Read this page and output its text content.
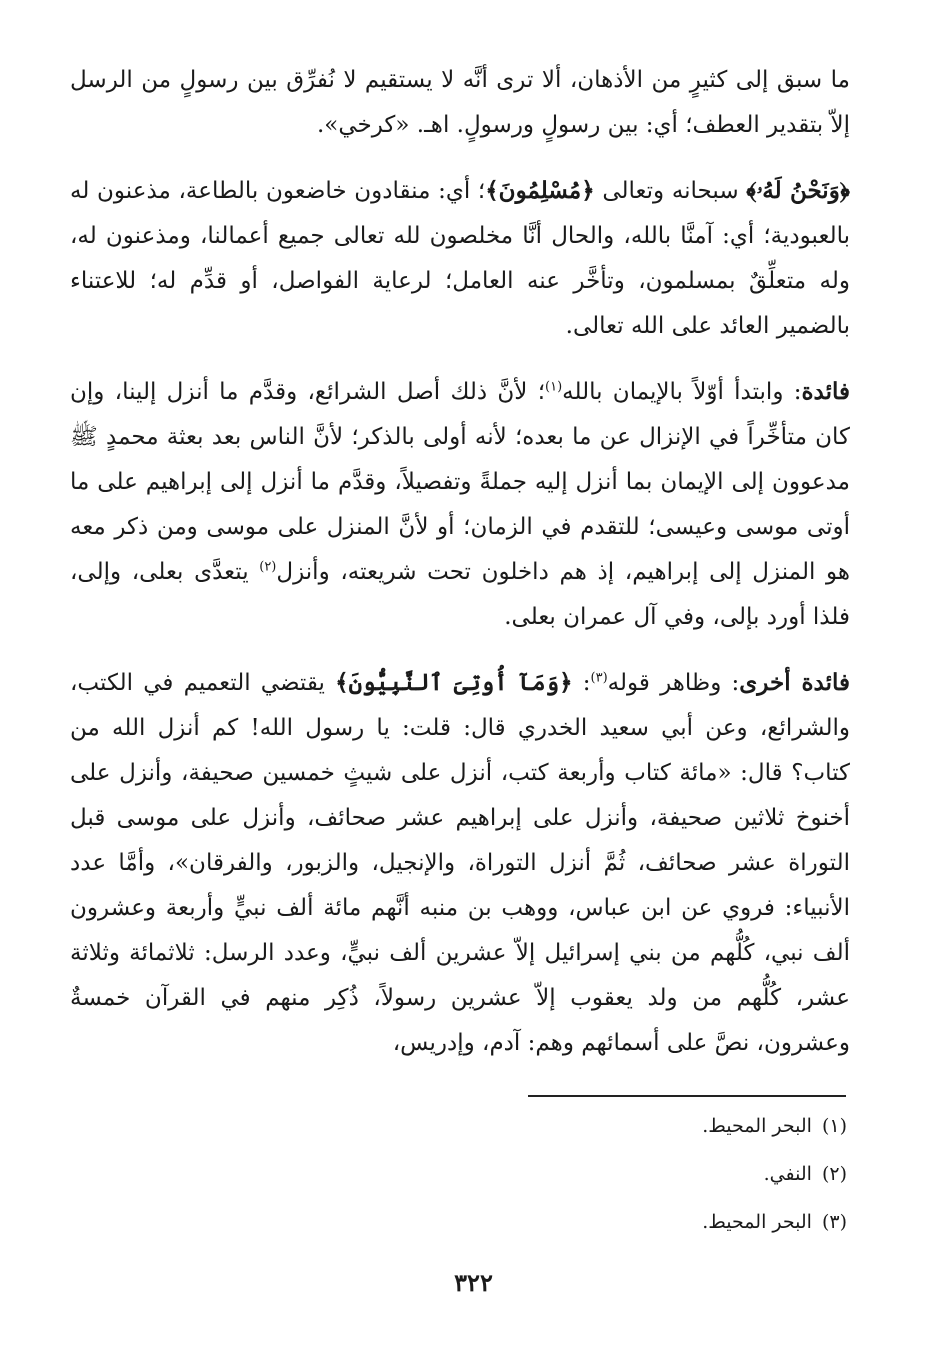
ما سبق إلى كثيرٍ من الأذهان، ألا ترى أنَّه لا يستقيم لا نُفرِّق بين رسولٍ من الرسل إلاّ بتقدير العطف؛ أي: بين رسولٍ ورسولٍ. اهـ. «كرخي».

﴿وَنَحْنُ لَهُۥ﴾ سبحانه وتعالى ﴿مُسْلِمُونَ﴾؛ أي: منقادون خاضعون بالطاعة، مذعنون له بالعبودية؛ أي: آمنَّا بالله، والحال أنَّا مخلصون لله تعالى جميع أعمالنا، ومذعنون له، وله متعلِّقٌ بمسلمون، وتأخَّر عنه العامل؛ لرعاية الفواصل، أو قدِّم له؛ للاعتناء بالضمير العائد على الله تعالى.

فائدة: وابتدأ أوّلاً بالإيمان بالله$^{(١)}$؛ لأنَّ ذلك أصل الشرائع، وقدَّم ما أنزل إلينا، وإن كان متأخِّراً في الإنزال عن ما بعده؛ لأنه أولى بالذكر؛ لأنَّ الناس بعد بعثة محمدٍ ﷺ مدعوون إلى الإيمان بما أنزل إليه جملةً وتفصيلاً، وقدَّم ما أنزل إلى إبراهيم على ما أوتى موسى وعيسى؛ للتقدم في الزمان؛ أو لأنَّ المنزل على موسى ومن ذكر معه هو المنزل إلى إبراهيم، إذ هم داخلون تحت شريعته، وأنزل$^{(٢)}$ يتعدَّى بعلى، وإلى، فلذا أورد بإلى، وفي آل عمران بعلى.

فائدة أخرى: وظاهر قوله$^{(٣)}$: ﴿وَمَآ أُوتِىَ ٱلنَّبِيُّونَ﴾ يقتضي التعميم في الكتب، والشرائع، وعن أبي سعيد الخدري قال: قلت: يا رسول الله! كم أنزل الله من كتاب؟ قال: «مائة كتاب وأربعة كتب، أنزل على شيثٍ خمسين صحيفة، وأنزل على أخنوخ ثلاثين صحيفة، وأنزل على إبراهيم عشر صحائف، وأنزل على موسى قبل التوراة عشر صحائف، ثُمَّ أنزل التوراة، والإنجيل، والزبور، والفرقان»، وأمَّا عدد الأنبياء: فروي عن ابن عباس، ووهب بن منبه أنَّهم مائة ألف نبيٍّ وأربعة وعشرون ألف نبي، كُلُّهم من بني إسرائيل إلاّ عشرين ألف نبيٍّ، وعدد الرسل: ثلاثمائة وثلاثة عشر، كُلُّهم من ولد يعقوب إلاّ عشرين رسولاً، ذُكِر منهم في القرآن خمسةٌ وعشرون، نصَّ على أسمائهم وهم: آدم، وإدريس،

(١)البحر المحيط.
(٢)النفي.
(٣)البحر المحيط.
٣٢٢
